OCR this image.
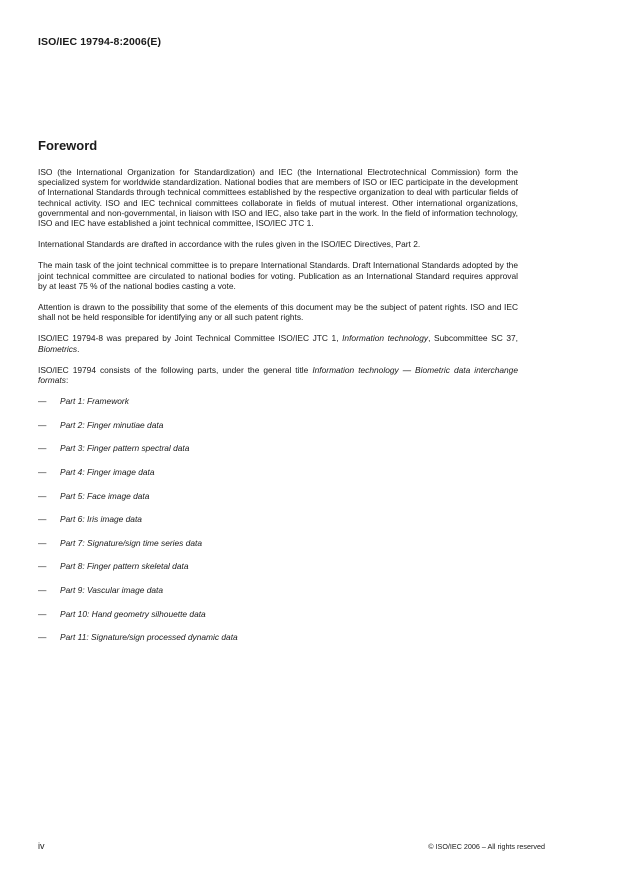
ISO/IEC 19794-8:2006(E)
Foreword

ISO (the International Organization for Standardization) and IEC (the International Electrotechnical Commission) form the specialized system for worldwide standardization. National bodies that are members of ISO or IEC participate in the development of International Standards through technical committees established by the respective organization to deal with particular fields of technical activity. ISO and IEC technical committees collaborate in fields of mutual interest. Other international organizations, governmental and non-governmental, in liaison with ISO and IEC, also take part in the work. In the field of information technology, ISO and IEC have established a joint technical committee, ISO/IEC JTC 1.

International Standards are drafted in accordance with the rules given in the ISO/IEC Directives, Part 2.

The main task of the joint technical committee is to prepare International Standards. Draft International Standards adopted by the joint technical committee are circulated to national bodies for voting. Publication as an International Standard requires approval by at least 75 % of the national bodies casting a vote.

Attention is drawn to the possibility that some of the elements of this document may be the subject of patent rights. ISO and IEC shall not be held responsible for identifying any or all such patent rights.

ISO/IEC 19794-8 was prepared by Joint Technical Committee ISO/IEC JTC 1, Information technology, Subcommittee SC 37, Biometrics.

ISO/IEC 19794 consists of the following parts, under the general title Information technology — Biometric data interchange formats:

— Part 1: Framework
— Part 2: Finger minutiae data
— Part 3: Finger pattern spectral data
— Part 4: Finger image data
— Part 5: Face image data
— Part 6: Iris image data
— Part 7: Signature/sign time series data
— Part 8: Finger pattern skeletal data
— Part 9: Vascular image data
— Part 10: Hand geometry silhouette data
— Part 11: Signature/sign processed dynamic data
iv	© ISO/IEC 2006 – All rights reserved
